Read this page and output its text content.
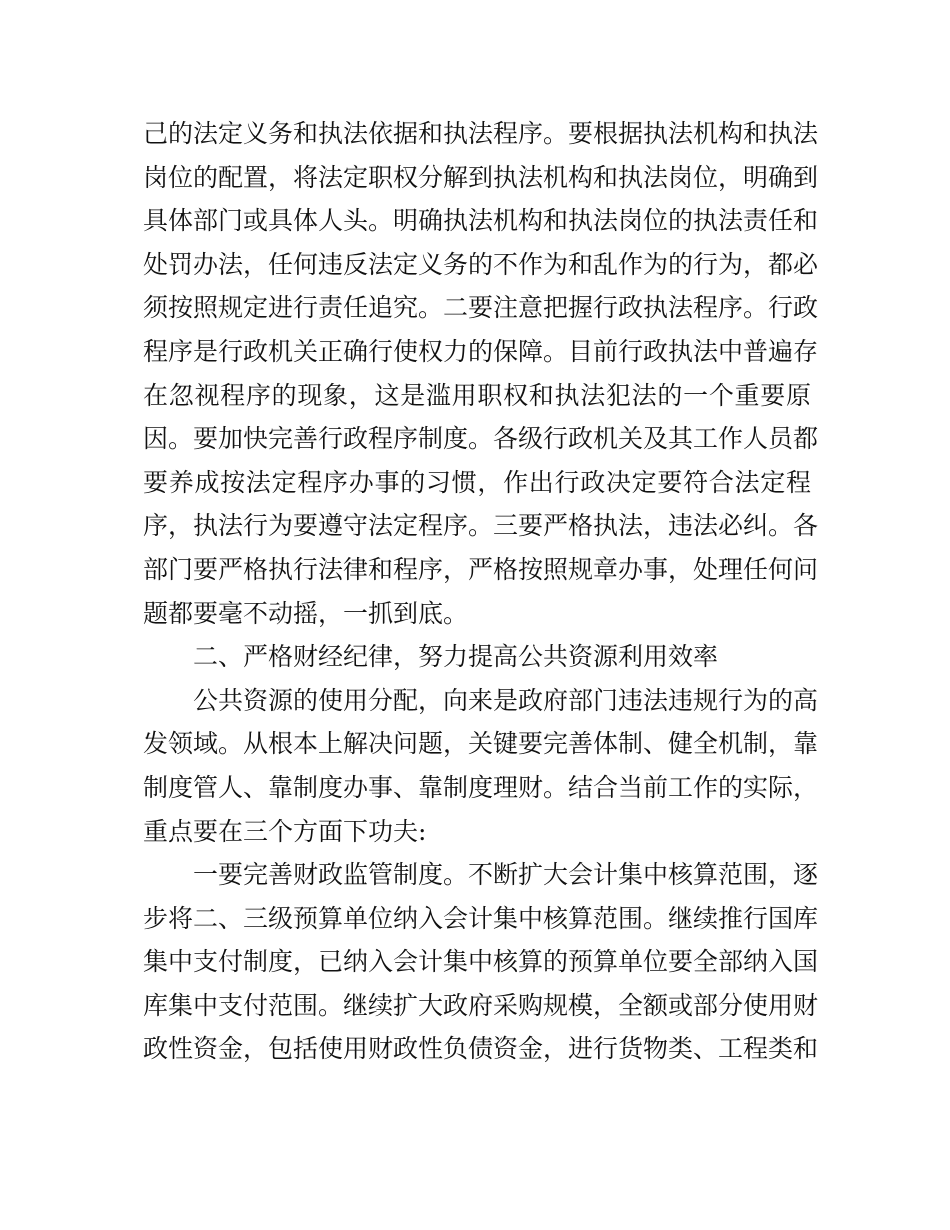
己的法定义务和执法依据和执法程序。要根据执法机构和执法
岗位的配置，将法定职权分解到执法机构和执法岗位，明确到
具体部门或具体人头。明确执法机构和执法岗位的执法责任和
处罚办法，任何违反法定义务的不作为和乱作为的行为，都必
须按照规定进行责任追究。二要注意把握行政执法程序。行政
程序是行政机关正确行使权力的保障。目前行政执法中普遍存
在忽视程序的现象，这是滥用职权和执法犯法的一个重要原
因。要加快完善行政程序制度。各级行政机关及其工作人员都
要养成按法定程序办事的习惯，作出行政决定要符合法定程
序，执法行为要遵守法定程序。三要严格执法，违法必纠。各
部门要严格执行法律和程序，严格按照规章办事，处理任何问
题都要毫不动摇，一抓到底。
二、严格财经纪律，努力提高公共资源利用效率
公共资源的使用分配，向来是政府部门违法违规行为的高
发领域。从根本上解决问题，关键要完善体制、健全机制，靠
制度管人、靠制度办事、靠制度理财。结合当前工作的实际，
重点要在三个方面下功夫:
一要完善财政监管制度。不断扩大会计集中核算范围，逐
步将二、三级预算单位纳入会计集中核算范围。继续推行国库
集中支付制度，已纳入会计集中核算的预算单位要全部纳入国
库集中支付范围。继续扩大政府采购规模，全额或部分使用财
政性资金，包括使用财政性负债资金，进行货物类、工程类和
